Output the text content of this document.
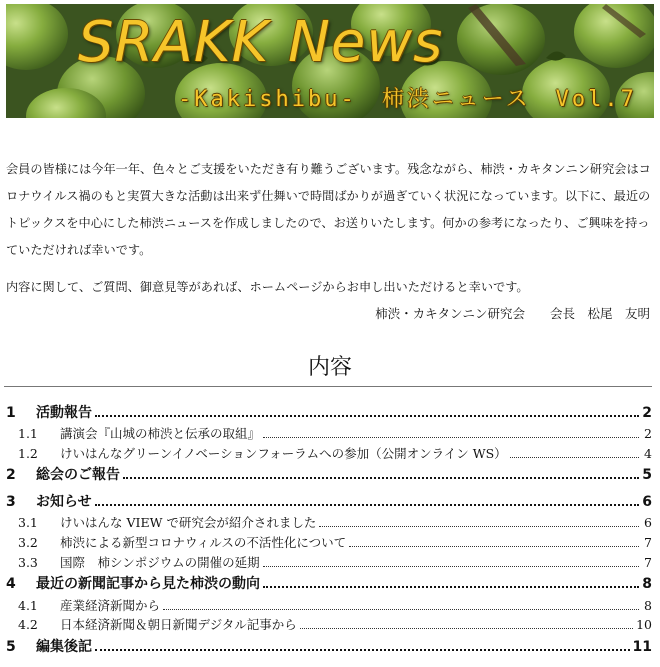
SRAKK News
-Kakishibu-　柿渋ニュース　Vol.7

会員の皆様には今年一年、色々とご支援をいただき有り難うございます。残念ながら、柿渋・カキタンニン研究会はコロナウイルス禍のもと実質大きな活動は出来ず仕舞いで時間ばかりが過ぎていく状況になっています。以下に、最近のトピックスを中心にした柿渋ニュースを作成しましたので、お送りいたします。何かの参考になったり、ご興味を持っていただければ幸いです。

内容に関して、ご質問、御意見等があれば、ホームページからお申し出いただけると幸いです。

柿渋・カキタンニン研究会　　会長　松尾　友明
内容
1	活動報告	2
1.1	講演会『山城の柿渋と伝承の取組』	2
1.2	けいはんなグリーンイノベーションフォーラムへの参加（公開オンライン WS）	4
2	総会のご報告	5
3	お知らせ	6
3.1	けいはんな VIEW で研究会が紹介されました	6
3.2	柿渋による新型コロナウィルスの不活性化について	7
3.3	国際　柿シンポジウムの開催の延期	7
4	最近の新聞記事から見た柿渋の動向	8
4.1	産業経済新聞から	8
4.2	日本経済新聞＆朝日新聞デジタル記事から	10
5	編集後記	11
